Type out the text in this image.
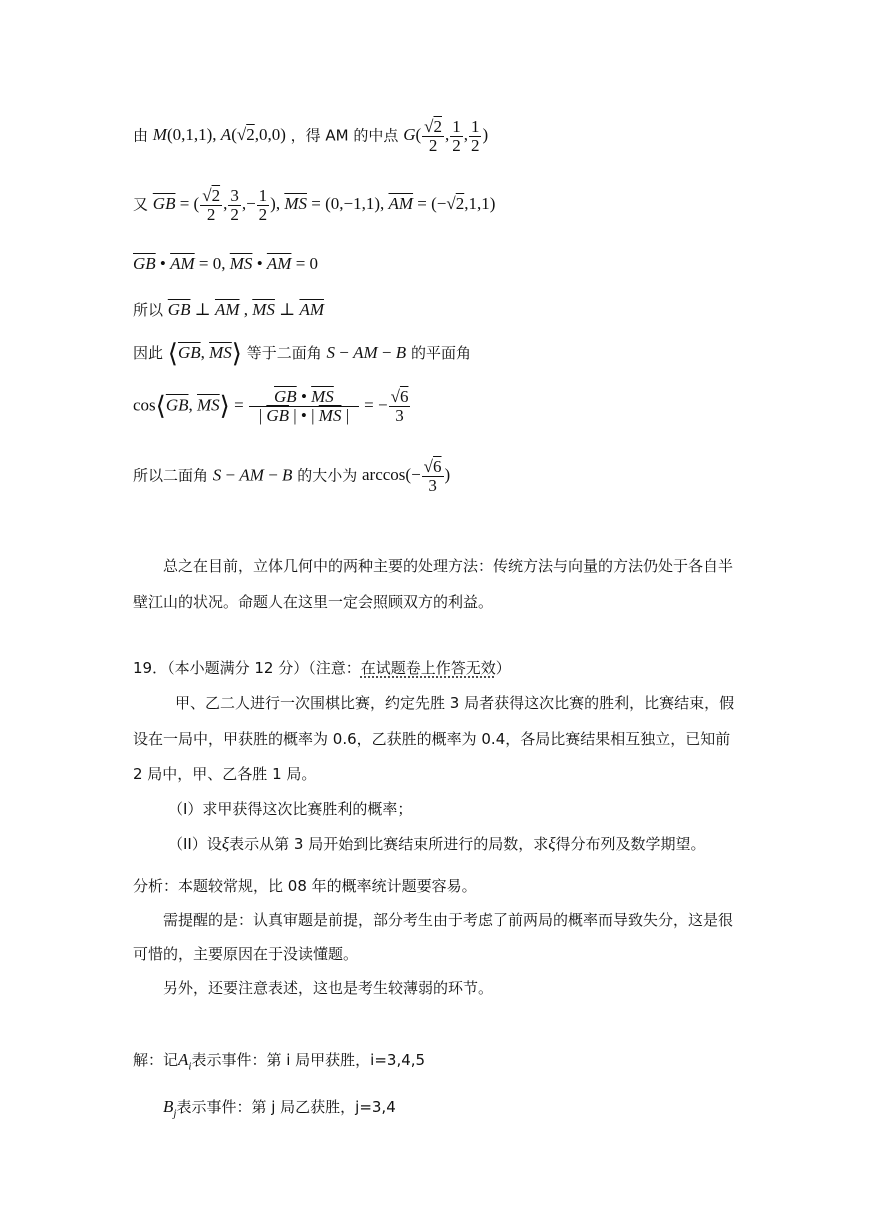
由 M(0,1,1), A(√2,0,0) ，得 AM 的中点 $G( \frac{√2}{2}$ , $\frac{1}{2}$ , $\frac{1}{2}$ )
又 $\overline{GB}$ = ( $\frac{√2}{2}$ , $\frac{3}{2}$ ,− $\frac{1}{2}$ ), $\overline{MS} = (0,-1,1)$, $\overline{AM} = (-√2,1,1)$
$\overline{GB}$ • $\overline{AM} = 0$, $\overline{MS}$ • $\overline{AM} = 0$
所以 $\overline{GB}$ ⊥ $\overline{AM}$ , $\overline{MS}$ ⊥ $\overline{AM}$
因此 $⟨\overline{GB}$, $\overline{MS}⟩$ 等于二面角 S − AM − B 的平面角
$\cos⟨\overline{GB}$, $\overline{MS}⟩ = \frac{\overline{GB} • \overline{MS}}{| \overline{GB} | • | \overline{MS} |}$ = − $\frac{√6}{3}$
所以二面角 S − AM − B 的大小为 $\arccos(- \frac{√6}{3}$ )
总之在目前，立体几何中的两种主要的处理方法：传统方法与向量的方法仍处于各自半
壁江山的状况。命题人在这里一定会照顾双方的利益。
19．（本小题满分 12 分）（注意：在试题卷上作答无效）
甲、乙二人进行一次围棋比赛，约定先胜 3 局者获得这次比赛的胜利，比赛结束，假
设在一局中，甲获胜的概率为 0.6，乙获胜的概率为 0.4，各局比赛结果相互独立，已知前
2 局中，甲、乙各胜 1 局。
（I）求甲获得这次比赛胜利的概率；
（II）设ξ表示从第 3 局开始到比赛结束所进行的局数，求ξ得分布列及数学期望。
分析：本题较常规，比 08 年的概率统计题要容易。
需提醒的是：认真审题是前提，部分考生由于考虑了前两局的概率而导致失分，这是很
可惜的，主要原因在于没读懂题。
另外，还要注意表述，这也是考生较薄弱的环节。
解：记$A_i$表示事件：第 i 局甲获胜，i=3,4,5
$B_j$表示事件：第 j 局乙获胜，j=3,4
